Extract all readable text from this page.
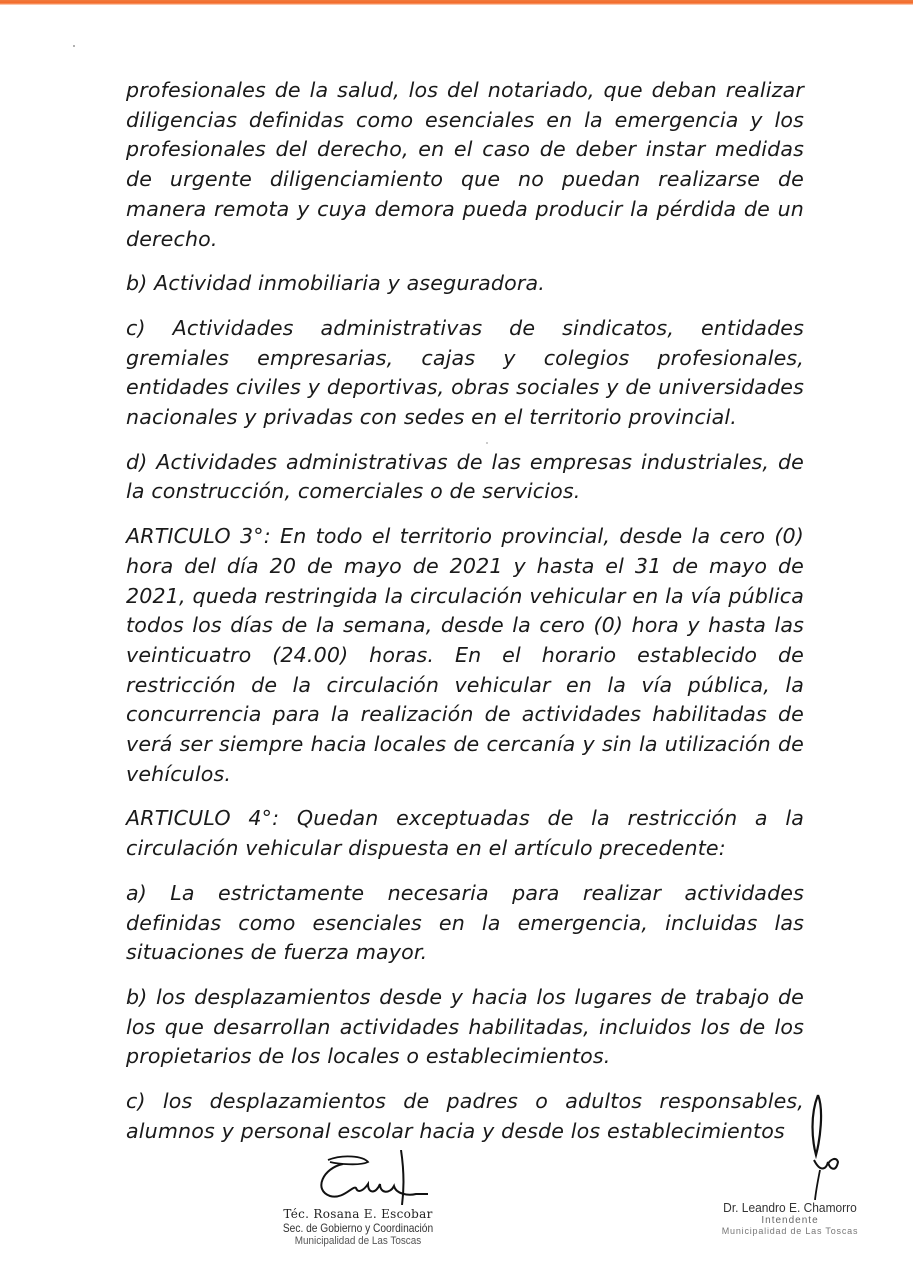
profesionales de la salud, los del notariado, que deban realizar diligencias definidas como esenciales en la emergencia y los profesionales del derecho, en el caso de deber instar medidas de urgente diligenciamiento que no puedan realizarse de manera remota y cuya demora pueda producir la pérdida de un derecho.

b) Actividad inmobiliaria y aseguradora.

c) Actividades administrativas de sindicatos, entidades gremiales empresarias, cajas y colegios profesionales, entidades civiles y deportivas, obras sociales y de universidades nacionales y privadas con sedes en el territorio provincial.

d) Actividades administrativas de las empresas industriales, de la construcción, comerciales o de servicios.

ARTICULO 3°: En todo el territorio provincial, desde la cero (0) hora del día 20 de mayo de 2021 y hasta el 31 de mayo de 2021, queda restringida la circulación vehicular en la vía pública todos los días de la semana, desde la cero (0) hora y hasta las veinticuatro (24.00) horas. En el horario establecido de restricción de la circulación vehicular en la vía pública, la concurrencia para la realización de actividades habilitadas de verá ser siempre hacia locales de cercanía y sin la utilización de vehículos.

ARTICULO 4°: Quedan exceptuadas de la restricción a la circulación vehicular dispuesta en el artículo precedente:

a) La estrictamente necesaria para realizar actividades definidas como esenciales en la emergencia, incluidas las situaciones de fuerza mayor.

b) los desplazamientos desde y hacia los lugares de trabajo de los que desarrollan actividades habilitadas, incluidos los de los propietarios de los locales o establecimientos.

c) los desplazamientos de padres o adultos responsables, alumnos y personal escolar hacia y desde los establecimientos

Téc. Rosana E. Escobar
Sec. de Gobierno y Coordinación
Municipalidad de Las Toscas
Dr. Leandro E. Chamorro
Intendente
Municipalidad de Las Toscas
